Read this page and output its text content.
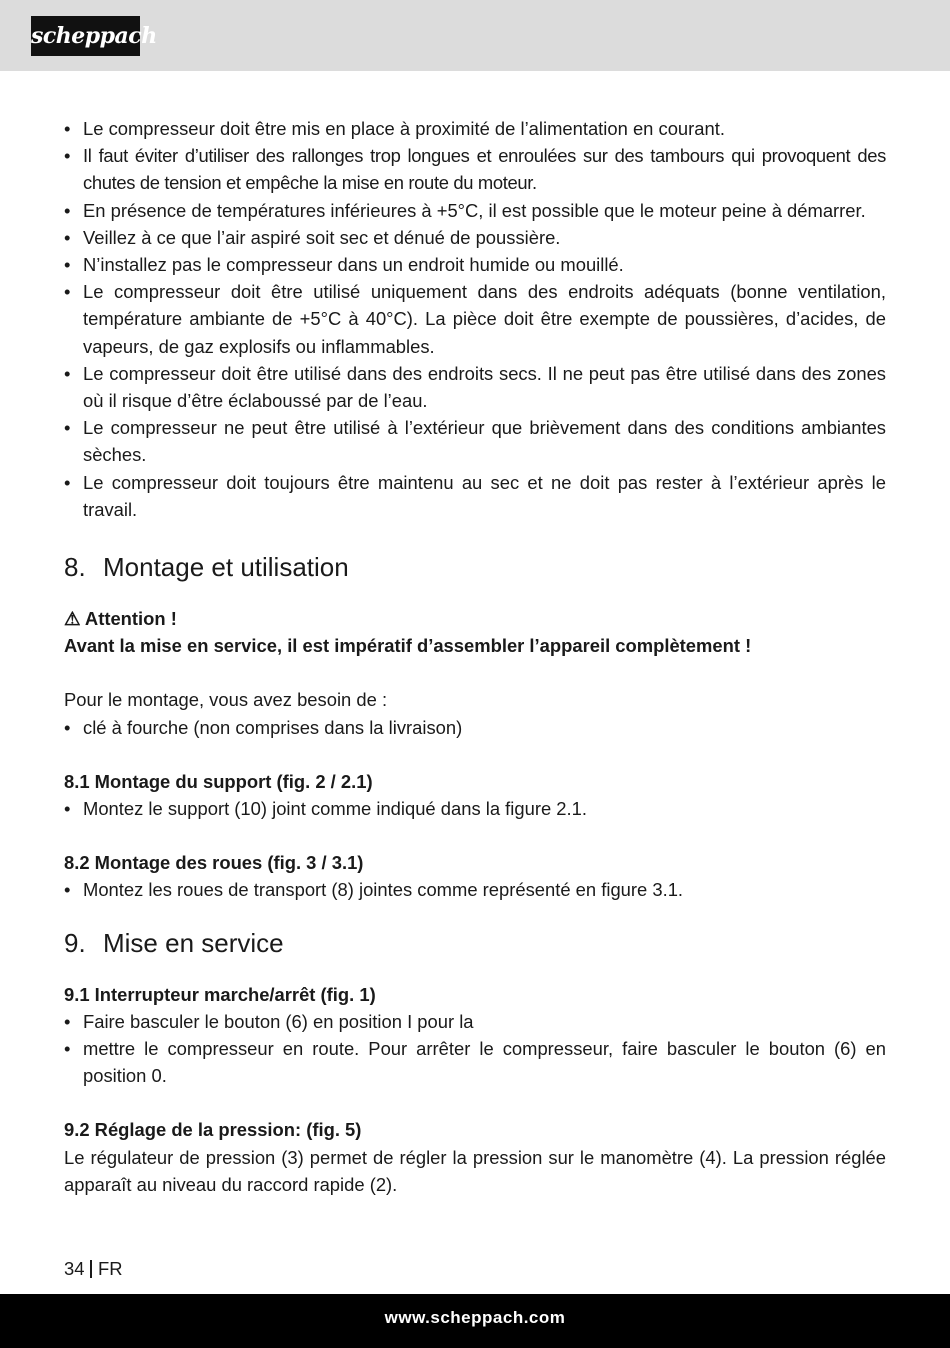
scheppach
• Le compresseur doit être mis en place à proximité de l’alimentation en courant.
• Il faut éviter d’utiliser des rallonges trop longues et enroulées sur des tambours qui provoquent des chutes de tension et empêche la mise en route du moteur.
• En présence de températures inférieures à +5°C, il est possible que le moteur peine à démarrer.
• Veillez à ce que l’air aspiré soit sec et dénué de poussière.
• N’installez pas le compresseur dans un endroit humide ou mouillé.
• Le compresseur doit être utilisé uniquement dans des endroits adéquats (bonne ventilation, température ambiante de +5°C à 40°C). La pièce doit être exempte de poussières, d’acides, de vapeurs, de gaz explosifs ou inflammables.
• Le compresseur doit être utilisé dans des endroits secs. Il ne peut pas être utilisé dans des zones où il risque d’être éclaboussé par de l’eau.
• Le compresseur ne peut être utilisé à l’extérieur que brièvement dans des conditions ambiantes sèches.
• Le compresseur doit toujours être maintenu au sec et ne doit pas rester à l’extérieur après le travail.
8. Montage et utilisation

⚠ Attention !

Avant la mise en service, il est impératif d’assembler l’appareil complètement !

Pour le montage, vous avez besoin de :

• clé à fourche (non comprises dans la livraison)

8.1 Montage du support (fig. 2 / 2.1)

• Montez le support (10) joint comme indiqué dans la figure 2.1.

8.2 Montage des roues (fig. 3 / 3.1)

• Montez les roues de transport (8) jointes comme représenté en figure 3.1.
9. Mise en service

9.1 Interrupteur marche/arrêt (fig. 1)

• Faire basculer le bouton (6) en position I pour la
• mettre le compresseur en route. Pour arrêter le compresseur, faire basculer le bouton (6) en position 0.

9.2 Réglage de la pression: (fig. 5)

Le régulateur de pression (3) permet de régler la pression sur le manomètre (4). La pression réglée apparaît au niveau du raccord rapide (2).

34 FR
www.scheppach.com
